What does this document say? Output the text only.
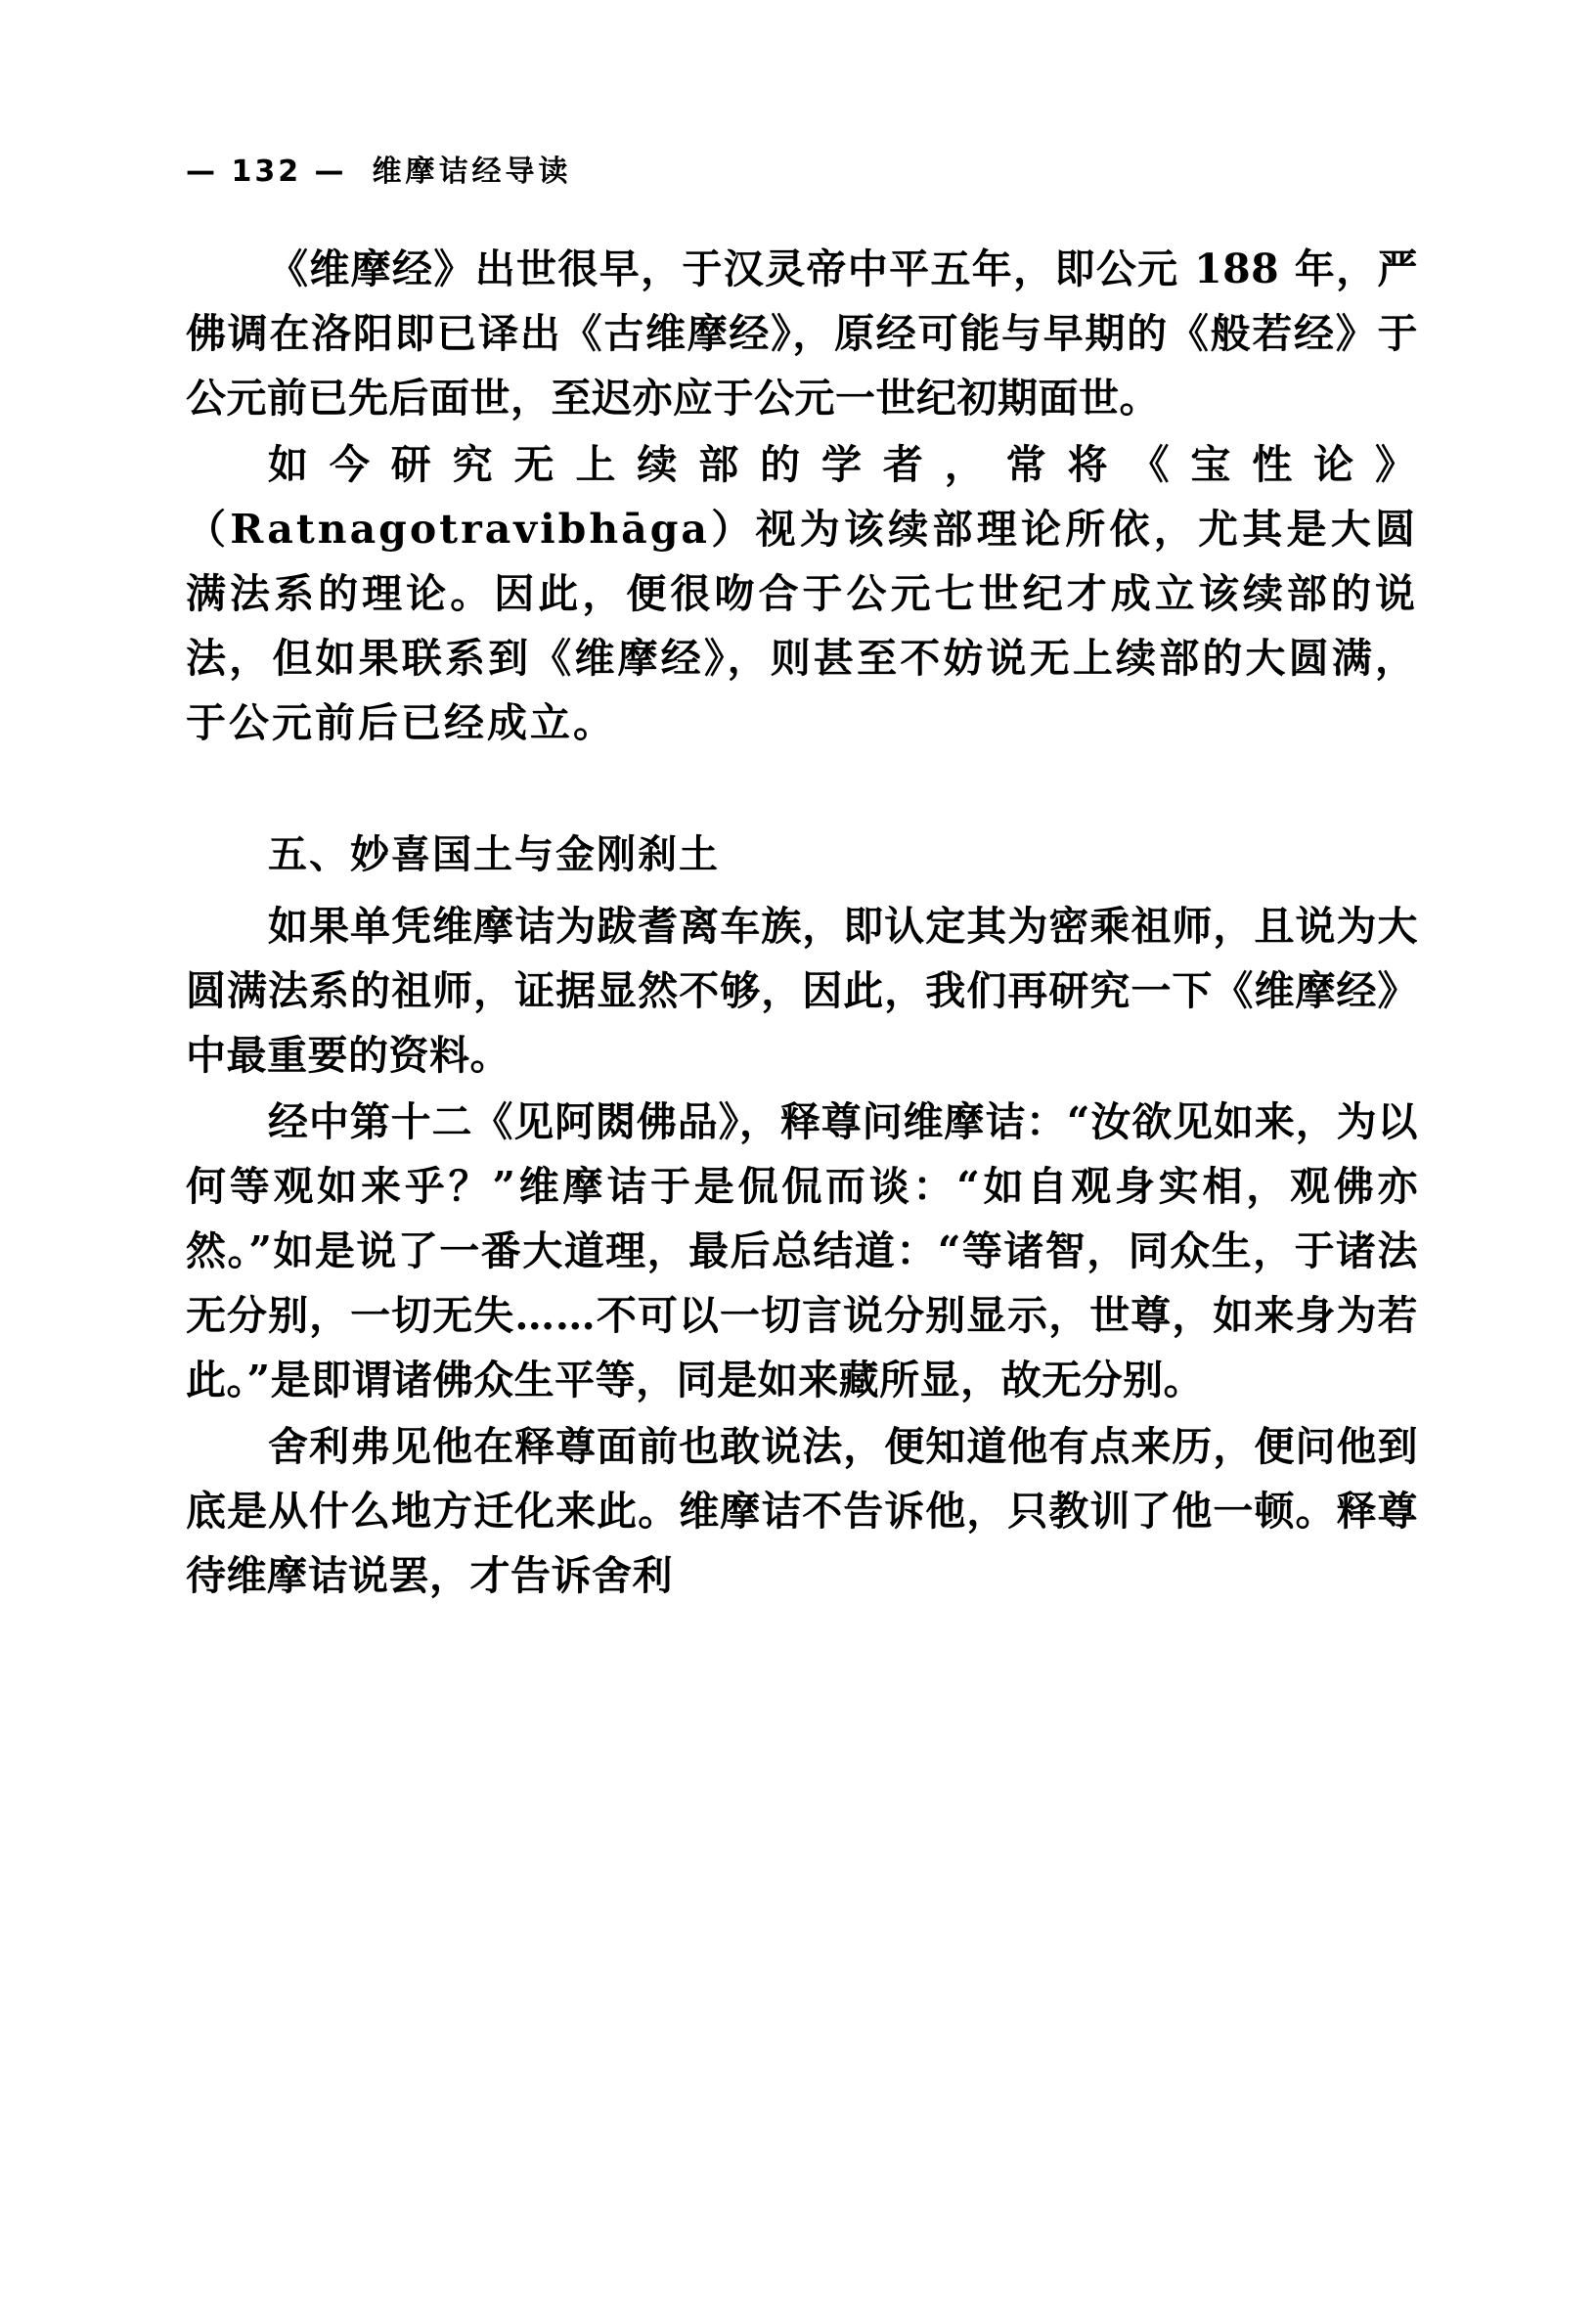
— 132 — 维摩诘经导读

《维摩经》出世很早，于汉灵帝中平五年，即公元 188 年，严佛调在洛阳即已译出《古维摩经》，原经可能与早期的《般若经》于公元前已先后面世，至迟亦应于公元一世纪初期面世。

如今研究无上续部的学者，常将《宝性论》（Ratnagotravibhāga）视为该续部理论所依，尤其是大圆满法系的理论。因此，便很吻合于公元七世纪才成立该续部的说法，但如果联系到《维摩经》，则甚至不妨说无上续部的大圆满，于公元前后已经成立。

五、妙喜国土与金刚刹土

如果单凭维摩诘为跋耆离车族，即认定其为密乘祖师，且说为大圆满法系的祖师，证据显然不够，因此，我们再研究一下《维摩经》中最重要的资料。

经中第十二《见阿閦佛品》，释尊问维摩诘：“汝欲见如来，为以何等观如来乎？”维摩诘于是侃侃而谈：“如自观身实相，观佛亦然。”如是说了一番大道理，最后总结道：“等诸智，同众生，于诸法无分别，一切无失……不可以一切言说分别显示，世尊，如来身为若此。”是即谓诸佛众生平等，同是如来藏所显，故无分别。

舍利弗见他在释尊面前也敢说法，便知道他有点来历，便问他到底是从什么地方迁化来此。维摩诘不告诉他，只教训了他一顿。释尊待维摩诘说罢，才告诉舍利
